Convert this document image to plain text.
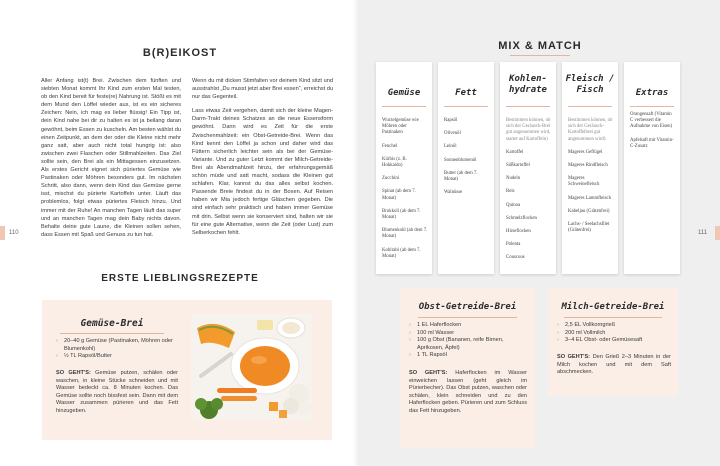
B(R)EIKOST

Aller Anfang ist(t) Brei. Zwischen dem fünften und siebten Monat kommt Ihr Kind zum ersten Mal testen, ob den Kind bereit für feste(re) Nahrung ist. Stößt es mit dem Mund den Löffel wieder aus, ist es ein sicheres Zeichen: Nein, ich mag es lieber flüssig! Ein Tipp ist, dein Kind nahe bei dir zu halten es ist ja beilang daran gewöhnt, beim Essen zu kuscheln. Am besten wählst du einen Zeitpunkt, an dem der oder die Kleine nicht mehr ganz satt, aber auch nicht total hungrig ist: also zwischen zwei Flaschen oder Stillmahlzeiten. Das Ziel sollte sein, den Brei als ein Mittagessen einzusetzen. Als erstes Gericht eignet sich püriertes Gemüse wie Pastinaken oder Möhren besonders gut. Im nächsten Schritt, also dann, wenn dein Kind das Gemüse gerne isst, mischst du pürierte Kartoffeln unter. Läuft das problemlos, folgt etwas püriertes Fleisch hinzu. Und immer mit der Ruhe! An manchen Tagen läuft das super und an manchen Tagen mag dein Baby nichts davon. Behalte deine gute Laune, die Kleinen sollen sehen, dass Essen mit Spaß und Genuss zu tun hat.

Wenn du mit dicken Stimfalten vor deinem Kind sitzt und ausstrahlst „Du musst jetzt aber Brei essen“, erreichst du nur das Gegenteil.

Lass etwas Zeit vergehen, damit sich der kleine Magen-Darm-Trakt deines Schatzes an die neue Essensform gewöhnt. Dann wird es Zeit für die erste Zwischenmahlzeit: ein Obst-Getreide-Brei. Wenn das Kind kennt den Löffel ja schon und daher wird das Füttern sicherlich leichter sein als bei der Gemüse-Variante. Und zu guter Letzt kommt der Milch-Getreide-Brei als Abendmahlzeit hinzu, der erfahrungsgemäß schön müde und satt macht, sodass die Kleinen gut schlafen. Klar, kannst du das alles selbst kochen. Passende Breie findest du in der Boxen. Auf Reisen haben wir Mia jedoch fertige Gläschen gegeben. Die sind einfach sehr praktisch und haben immer Gemüse mit drin. Selbst wenn sie konserviert sind, halten wir sie für eine gute Alternative, wenn die Zeit (oder Lust) zum Selberkochen fehlt.

110
ERSTE LIEBLINGSREZEPTE
Gemüse-Brei
› 20–40 g Gemüse (Pastinaken, Möhren oder Blumenkohl)
› ½ TL Rapsöl/Butter
SO GEHT'S: Gemüse putzen, schälen oder waschen, in kleine Stücke schneiden und mit Wasser bedeckt ca. 8 Minuten kochen. Das Gemüse sollte noch bissfest sein. Dann mit dem Wasser zusammen pürieren und das Fett hinzugeben.
MIX & MATCH
Gemüse
Wurzelgemüse wie Möhren oder Pastinaken
Fenchel
Kürbis (z. B. Hokkaido)
Zucchini
Spinat (ab dem 7. Monat)
Brokkoli (ab dem 7. Monat)
Blumenkohl (ab dem 7. Monat)
Kohlrabi (ab dem 7. Monat)
Fett
Rapsöl
Olivenöl
Leinöl
Sonnenblumenöl
Butter (ab dem 7. Monat)
Walnüsse
Kohlen-
hydrate
Bestimmen können, ob sich der Geräusch-Brei gut angenommen wird, startet auf Kartoffeln)
Kartoffel
Süßkartoffel
Nudeln
Reis
Quinoa
Schmelzflocken
Hirseflocken
Polenta
Couscous
Fleisch /
Fisch
Bestimmen können, ob sich der Geräusch-Kartoffelbrei gut angenommen wird)
Mageres Geflügel
Mageres Rindfleisch
Mageres Schweinefleisch
Mageres Lammfleisch
Kabeljau (Grätenfrei)
Lachs- / Seelachsfilet (Grätenfrei)
Extras
Orangensaft (Vitamin C verbessert die Aufnahme von Eisen)
Apfelsaft mit Vitamin-C-Zusatz
111
Obst-Getreide-Brei
› 1 EL Haferflocken
› 100 ml Wasser
› 100 g Obst (Bananen, reife Birnen, Aprikosen, Äpfel)
› 1 TL Rapsöl
SO GEHT'S: Haferflocken im Wasser einweichen lassen (geht gleich im Pürierbecher). Das Obst putzen, waschen oder schälen, klein schneiden und zu den Haferflocken geben. Pürieren und zum Schluss das Fett hinzugeben.
Milch-Getreide-Brei
› 2,5 EL Vollkorngrieß
› 200 ml Vollmilch
› 3–4 EL Obst- oder Gemüsesaft
SO GEHT'S: Den Grieß 2–3 Minuten in der Milch kochen und mit dem Saft abschmecken.
